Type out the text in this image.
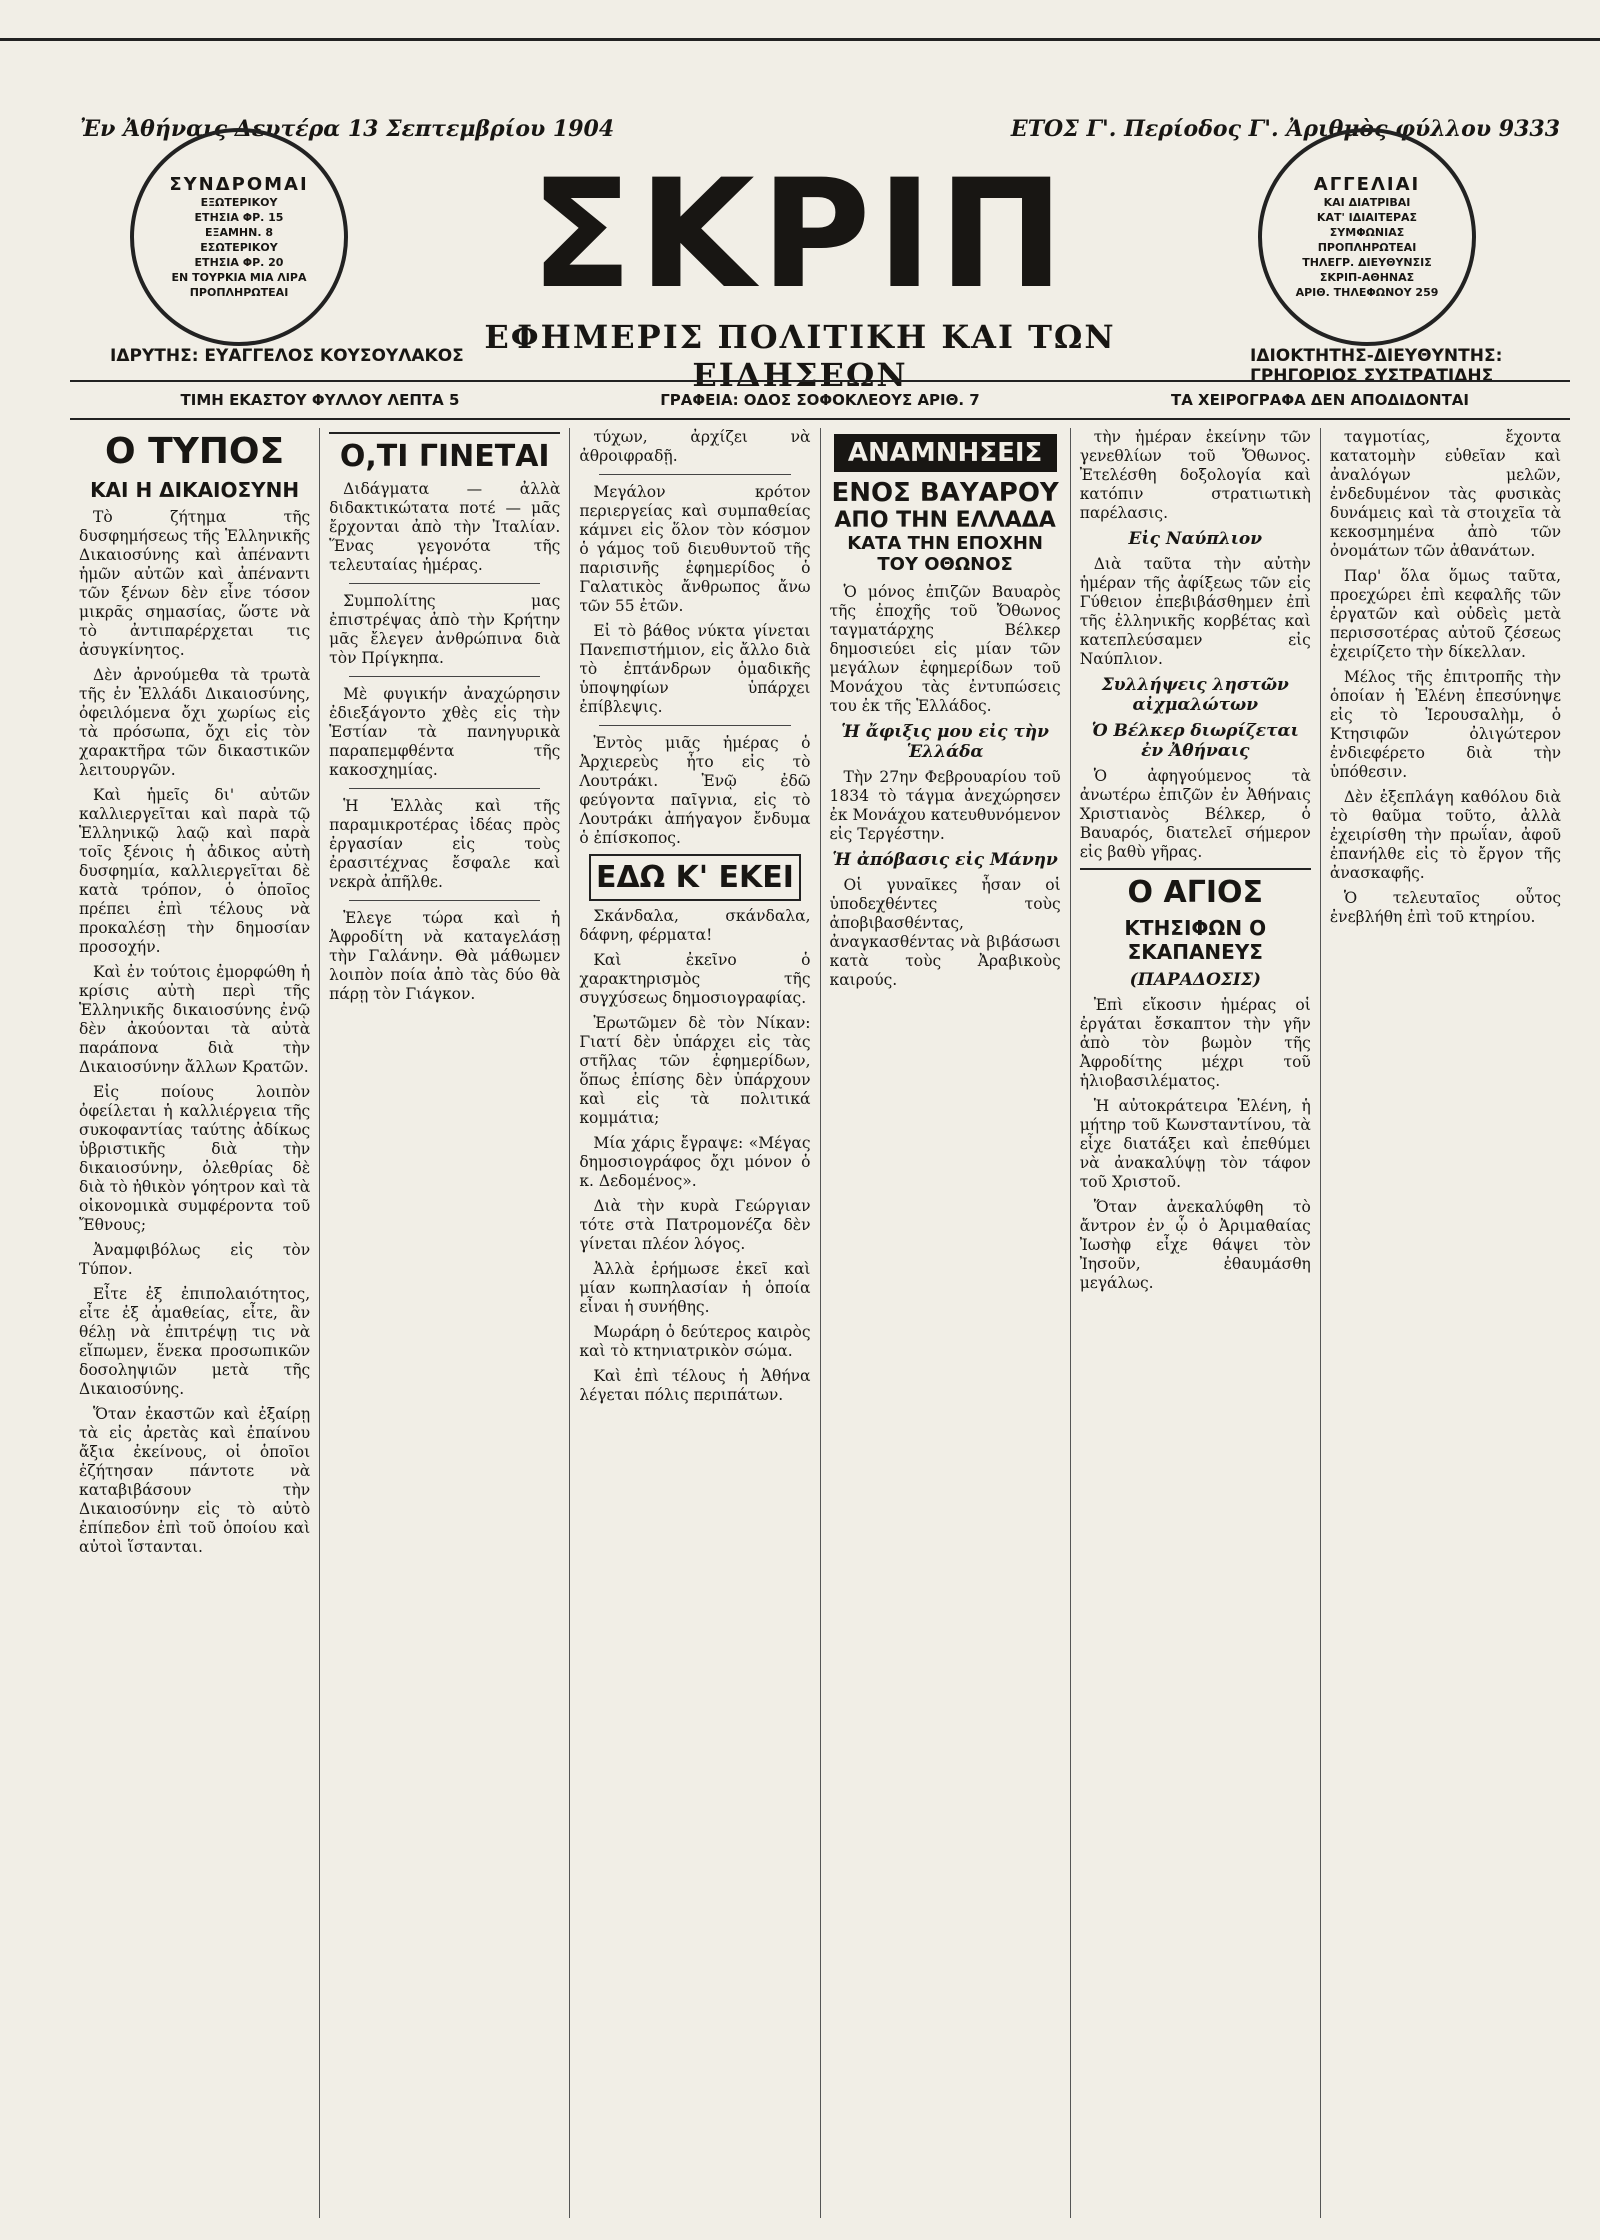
Ἐν Ἀθήναις Δευτέρα 13 Σεπτεμβρίου 1904	ΕΤΟΣ Γ'. Περίοδος Γ'. Ἀριθμὸς φύλλου 9333
ΣΥΝΔΡΟΜΑΙ
ΕΞΩΤΕΡΙΚΟΥ
ΕΤΗΣΙΑ ΦΡ. 15
ΕΞΑΜΗΝ. 8
ΕΣΩΤΕΡΙΚΟΥ
ΕΤΗΣΙΑ ΦΡ. 20
ΕΝ ΤΟΥΡΚΙΑ ΜΙΑ ΛΙΡΑ
ΠΡΟΠΛΗΡΩΤΕΑΙ	ΣΚΡΙΠ
ΕΦΗΜΕΡΙΣ ΠΟΛΙΤΙΚΗ ΚΑΙ ΤΩΝ ΕΙΔΗΣΕΩΝ
ΑΓΓΕΛΙΑΙ
ΚΑΙ ΔΙΑΤΡΙΒΑΙ
ΚΑΤ' ΙΔΙΑΙΤΕΡΑΣ
ΣΥΜΦΩΝΙΑΣ
ΠΡΟΠΛΗΡΩΤΕΑΙ
ΤΗΛΕΓΡ. ΔΙΕΥΘΥΝΣΙΣ
ΣΚΡΙΠ-ΑΘΗΝΑΣ
ΑΡΙΘ. ΤΗΛΕΦΩΝΟΥ 259
ΙΔΡΥΤΗΣ: ΕΥΑΓΓΕΛΟΣ ΚΟΥΣΟΥΛΑΚΟΣ	ΙΔΙΟΚΤΗΤΗΣ-ΔΙΕΥΘΥΝΤΗΣ: ΓΡΗΓΟΡΙΟΣ ΣΥΣΤΡΑΤΙΔΗΣ
ΤΙΜΗ ΕΚΑΣΤΟΥ ΦΥΛΛΟΥ ΛΕΠΤΑ 5	ΓΡΑΦΕΙΑ: ΟΔΟΣ ΣΟΦΟΚΛΕΟΥΣ ΑΡΙΘ. 7	ΤΑ ΧΕΙΡΟΓΡΑΦΑ ΔΕΝ ΑΠΟΔΙΔΟΝΤΑΙ
Ο ΤΥΠΟΣ
ΚΑΙ Η ΔΙΚΑΙΟΣΥΝΗ

Τὸ ζήτημα τῆς δυσφημήσεως τῆς Ἑλληνικῆς Δικαιοσύνης καὶ ἀπέναντι ἡμῶν αὐτῶν καὶ ἀπέναντι τῶν ξένων δὲν εἶνε τόσον μικρᾶς σημασίας, ὥστε νὰ τὸ ἀντιπαρέρχεται τις ἀσυγκίνητος.

Δὲν ἀρνούμεθα τὰ τρωτὰ τῆς ἐν Ἑλλάδι Δικαιοσύνης, ὀφειλόμενα ὄχι χωρίως εἰς τὰ πρόσωπα, ὄχι εἰς τὸν χαρακτῆρα τῶν δικαστικῶν λειτουργῶν.

Καὶ ἡμεῖς δι' αὐτῶν καλλιεργεῖται καὶ παρὰ τῷ Ἑλληνικῷ λαῷ καὶ παρὰ τοῖς ξένοις ἡ ἀδικος αὐτὴ δυσφημία, καλλιεργεῖται δὲ κατὰ τρόπον, ὁ ὁποῖος πρέπει ἐπὶ τέλους νὰ προκαλέσῃ τὴν δημοσίαν προσοχήν.

Καὶ ἐν τούτοις ἐμορφώθη ἡ κρίσις αὐτὴ περὶ τῆς Ἑλληνικῆς δικαιοσύνης ἐνῷ δὲν ἀκούονται τὰ αὐτὰ παράπονα διὰ τὴν Δικαιοσύνην ἄλλων Κρατῶν.

Εἰς ποίους λοιπὸν ὀφείλεται ἡ καλλιέργεια τῆς συκοφαντίας ταύτης ἀδίκως ὑβριστικῆς διὰ τὴν δικαιοσύνην, ὀλεθρίας δὲ διὰ τὸ ἠθικὸν γόητρον καὶ τὰ οἰκονομικὰ συμφέροντα τοῦ Ἔθνους;

Ἀναμφιβόλως εἰς τὸν Τύπον.

Εἶτε ἐξ ἐπιπολαιότητος, εἶτε ἐξ ἀμαθείας, εἶτε, ἂν θέλῃ νὰ ἐπιτρέψῃ τις νὰ εἴπωμεν, ἕνεκα προσωπικῶν δοσοληψιῶν μετὰ τῆς Δικαιοσύνης.

Ὅταν ἐκαστῶν καὶ ἐξαίρῃ τὰ εἰς ἀρετὰς καὶ ἐπαίνου ἄξια ἐκείνους, οἱ ὁποῖοι ἐζήτησαν πάντοτε νὰ καταβιβάσουν τὴν Δικαιοσύνην εἰς τὸ αὐτὸ ἐπίπεδον ἐπὶ τοῦ ὁποίου καὶ αὐτοὶ ἵστανται.

Ο,ΤΙ ΓΙΝΕΤΑΙ

Διδάγματα — ἀλλὰ διδακτικώτατα ποτέ — μᾶς ἔρχονται ἀπὸ τὴν Ἰταλίαν. Ἕνας γεγονότα τῆς τελευταίας ἡμέρας.

Συμπολίτης μας ἐπιστρέψας ἀπὸ τὴν Κρήτην μᾶς ἔλεγεν ἀνθρώπινα διὰ τὸν Πρίγκηπα.

Μὲ φυγικήν ἀναχώρησιν ἐδιεξάγοντο χθὲς εἰς τὴν Ἑστίαν τὰ πανηγυρικὰ παραπεμφθέντα τῆς κακοσχημίας.

Ἡ Ἑλλὰς καὶ τῆς παραμικροτέρας ἰδέας πρὸς ἐργασίαν εἰς τοὺς ἐρασιτέχνας ἔσφαλε καὶ νεκρὰ ἀπῆλθε.

Ἐλεγε τώρα καὶ ἡ Ἀφροδίτη νὰ καταγελάσῃ τὴν Γαλάνην. Θὰ μάθωμεν λοιπὸν ποία ἀπὸ τὰς δύο θὰ πάρῃ τὸν Γιάγκον.

τύχων, ἀρχίζει νὰ ἀθροιφραδῇ.

Μεγάλον κρότον περιεργείας καὶ συμπαθείας κάμνει εἰς ὅλον τὸν κόσμον ὁ γάμος τοῦ διευθυντοῦ τῆς παρισινῆς ἐφημερίδος ὁ Γαλατικὸς ἄνθρωπος ἄνω τῶν 55 ἐτῶν.

Εἰ τὸ βάθος νύκτα γίνεται Πανεπιστήμιον, εἰς ἄλλο διὰ τὸ ἐπτάνδρων ὁμαδικῆς ὑποψηφίων ὑπάρχει ἐπίβλεψις.

Ἐντὸς μιᾶς ἡμέρας ὁ Ἀρχιερεὺς ἦτο εἰς τὸ Λουτράκι. Ἐνῷ ἐδῶ φεύγοντα παῖγνια, εἰς τὸ Λουτράκι ἀπήγαγον ἔνδυμα ὁ ἐπίσκοπος.

ΕΔΩ Κ' ΕΚΕΙ

Σκάνδαλα, σκάνδαλα, δάφνη, φέρματα!

Καὶ ἐκεῖνο ὁ χαρακτηρισμὸς τῆς συγχύσεως δημοσιογραφίας.

Ἐρωτῶμεν δὲ τὸν Νίκαν: Γιατί δὲν ὑπάρχει εἰς τὰς στῆλας τῶν ἐφημερίδων, ὅπως ἐπίσης δὲν ὑπάρχουν καὶ εἰς τὰ πολιτικά κομμάτια;

Μία χάρις ἔγραψε: «Μέγας δημοσιογράφος ὄχι μόνον ὁ κ. Δεδομένος».

Διὰ τὴν κυρὰ Γεώργιαν τότε στὰ Πατρομονέζα δὲν γίνεται πλέον λόγος.

Ἀλλὰ ἐρήμωσε ἐκεῖ καὶ μίαν κωπηλασίαν ἡ ὁποία εἶναι ἡ συνήθης.

Μωράρη ὁ δεύτερος καιρὸς καὶ τὸ κτηνιατρικὸν σώμα.

Καὶ ἐπὶ τέλους ἡ Ἀθήνα λέγεται πόλις περιπάτων.

ΑΝΑΜΝΗΣΕΙΣ
ΕΝΟΣ ΒΑΥΑΡΟΥ
ΑΠΟ ΤΗΝ ΕΛΛΑΔΑ
ΚΑΤΑ ΤΗΝ ΕΠΟΧΗΝ ΤΟΥ ΟΘΩΝΟΣ

Ὁ μόνος ἐπιζῶν Βαυαρὸς τῆς ἐποχῆς τοῦ Ὄθωνος ταγματάρχης Βέλκερ δημοσιεύει εἰς μίαν τῶν μεγάλων ἐφημερίδων τοῦ Μονάχου τὰς ἐντυπώσεις του ἐκ τῆς Ἑλλάδος.

Ἡ ἄφιξις μου εἰς τὴν Ἑλλάδα

Τὴν 27ην Φεβρουαρίου τοῦ 1834 τὸ τάγμα ἀνεχώρησεν ἐκ Μονάχου κατευθυνόμενον εἰς Τεργέστην.

Ἡ ἀπόβασις εἰς Μάνην

Οἱ γυναῖκες ἦσαν οἱ ὑποδεχθέντες τοὺς ἀποβιβασθέντας, ἀναγκασθέντας νὰ βιβάσωσι κατὰ τοὺς Ἀραβικοὺς καιρούς.

τὴν ἡμέραν ἐκείνην τῶν γενεθλίων τοῦ Ὄθωνος. Ἐτελέσθη δοξολογία καὶ κατόπιν στρατιωτικὴ παρέλασις.

Εἰς Ναύπλιον

Διὰ ταῦτα τὴν αὐτὴν ἡμέραν τῆς ἀφίξεως τῶν εἰς Γύθειον ἐπεβιβάσθημεν ἐπὶ τῆς ἐλληνικῆς κορβέτας καὶ κατεπλεύσαμεν εἰς Ναύπλιον.

Συλλήψεις ληστῶν αἰχμαλώτων
Ὁ Βέλκερ διωρίζεται ἐν Ἀθήναις

Ὁ ἀφηγούμενος τὰ ἀνωτέρω ἐπιζῶν ἐν Ἀθήναις Χριστιανὸς Βέλκερ, ὁ Βαυαρός, διατελεῖ σήμερον εἰς βαθὺ γῆρας.

Ο ΑΓΙΟΣ
ΚΤΗΣΙΦΩΝ Ο ΣΚΑΠΑΝΕΥΣ
(ΠΑΡΑΔΟΣΙΣ)

Ἐπὶ εἴκοσιν ἡμέρας οἱ ἐργάται ἔσκαπτον τὴν γῆν ἀπὸ τὸν βωμὸν τῆς Ἀφροδίτης μέχρι τοῦ ἡλιοβασιλέματος.

Ἡ αὐτοκράτειρα Ἑλένη, ἡ μήτηρ τοῦ Κωνσταντίνου, τὰ εἶχε διατάξει καὶ ἐπεθύμει νὰ ἀνακαλύψῃ τὸν τάφον τοῦ Χριστοῦ.

Ὅταν ἀνεκαλύφθη τὸ ἄντρον ἐν ᾧ ὁ Ἀριμαθαίας Ἰωσὴφ εἶχε θάψει τὸν Ἰησοῦν, ἐθαυμάσθη μεγάλως.

ταγμοτίας, ἔχοντα κατατομὴν εὐθεῖαν καὶ ἀναλόγων μελῶν, ἐνδεδυμένον τὰς φυσικὰς δυνάμεις καὶ τὰ στοιχεῖα τὰ κεκοσμημένα ἀπὸ τῶν ὀνομάτων τῶν ἀθανάτων.

Παρ' ὅλα ὅμως ταῦτα, προεχώρει ἐπὶ κεφαλῆς τῶν ἐργατῶν καὶ οὐδεὶς μετὰ περισσοτέρας αὐτοῦ ζέσεως ἐχειρίζετο τὴν δίκελλαν.

Μέλος τῆς ἐπιτροπῆς τὴν ὁποίαν ἡ Ἑλένη ἐπεσύνηψε εἰς τὸ Ἱερουσαλὴμ, ὁ Κτησιφῶν ὀλιγώτερον ἐνδιεφέρετο διὰ τὴν ὑπόθεσιν.

Δὲν ἐξεπλάγη καθόλου διὰ τὸ θαῦμα τοῦτο, ἀλλὰ ἐχειρίσθη τὴν πρωΐαν, ἀφοῦ ἐπανήλθε εἰς τὸ ἔργον τῆς ἀνασκαφῆς.

Ὁ τελευταῖος οὗτος ἐνεβλήθη ἐπὶ τοῦ κτηρίου.
